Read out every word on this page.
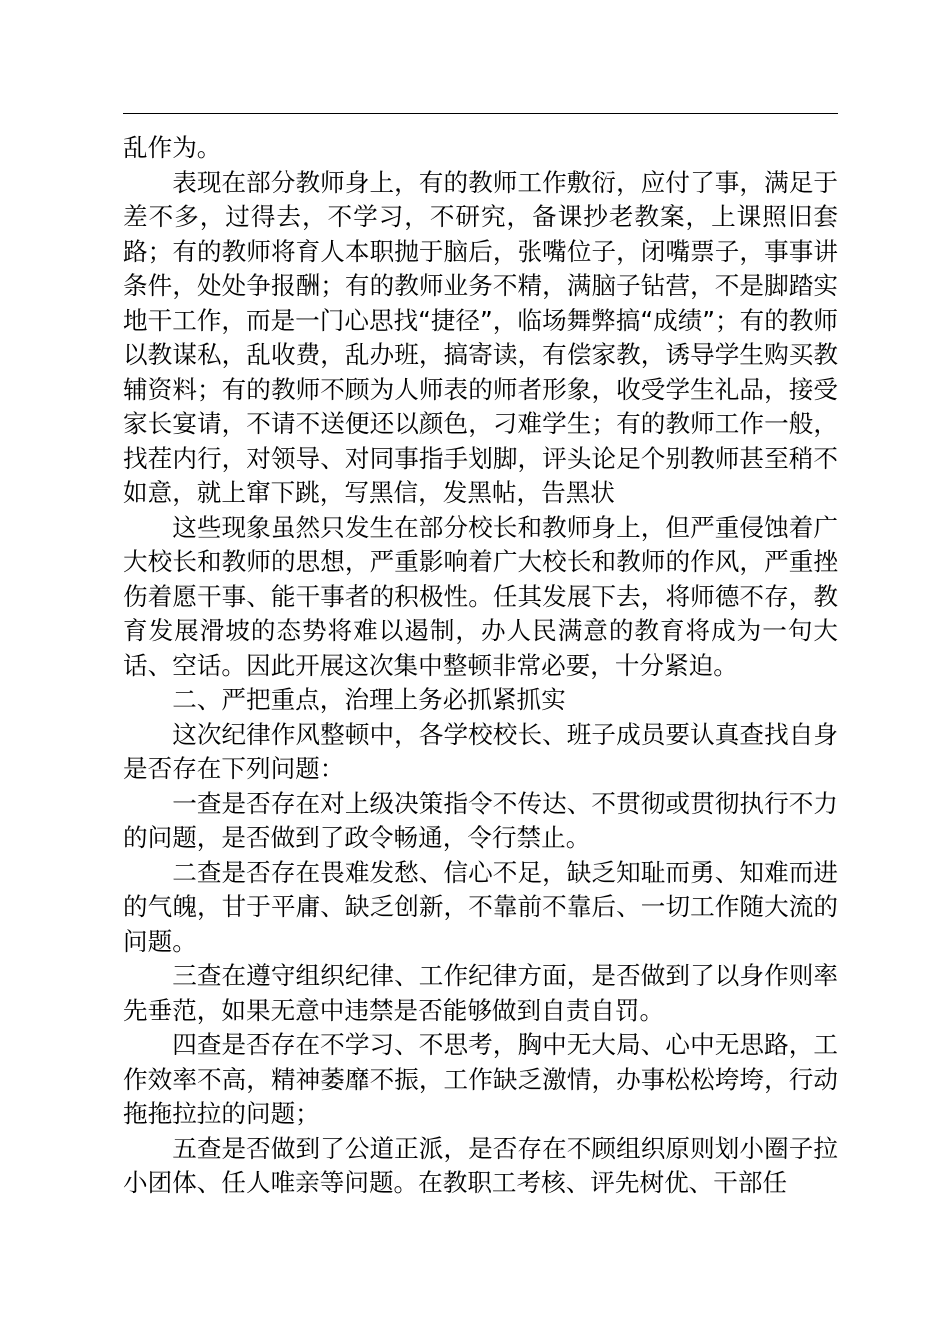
乱作为。

表现在部分教师身上，有的教师工作敷衍，应付了事，满足于差不多，过得去，不学习，不研究，备课抄老教案，上课照旧套路；有的教师将育人本职抛于脑后，张嘴位子，闭嘴票子，事事讲条件，处处争报酬；有的教师业务不精，满脑子钻营，不是脚踏实地干工作，而是一门心思找“捷径”，临场舞弊搞“成绩”；有的教师以教谋私，乱收费，乱办班，搞寄读，有偿家教，诱导学生购买教辅资料；有的教师不顾为人师表的师者形象，收受学生礼品，接受家长宴请，不请不送便还以颜色，刁难学生；有的教师工作一般，找茬内行，对领导、对同事指手划脚，评头论足个别教师甚至稍不如意，就上窜下跳，写黑信，发黑帖，告黑状

这些现象虽然只发生在部分校长和教师身上，但严重侵蚀着广大校长和教师的思想，严重影响着广大校长和教师的作风，严重挫伤着愿干事、能干事者的积极性。任其发展下去，将师德不存，教育发展滑坡的态势将难以遏制，办人民满意的教育将成为一句大话、空话。因此开展这次集中整顿非常必要，十分紧迫。

二、严把重点，治理上务必抓紧抓实

这次纪律作风整顿中，各学校校长、班子成员要认真查找自身是否存在下列问题：

一查是否存在对上级决策指令不传达、不贯彻或贯彻执行不力的问题，是否做到了政令畅通，令行禁止。

二查是否存在畏难发愁、信心不足，缺乏知耻而勇、知难而进的气魄，甘于平庸、缺乏创新，不靠前不靠后、一切工作随大流的问题。

三查在遵守组织纪律、工作纪律方面，是否做到了以身作则率先垂范，如果无意中违禁是否能够做到自责自罚。

四查是否存在不学习、不思考，胸中无大局、心中无思路，工作效率不高，精神萎靡不振，工作缺乏激情，办事松松垮垮，行动拖拖拉拉的问题；

五查是否做到了公道正派，是否存在不顾组织原则划小圈子拉小团体、任人唯亲等问题。在教职工考核、评先树优、干部任
